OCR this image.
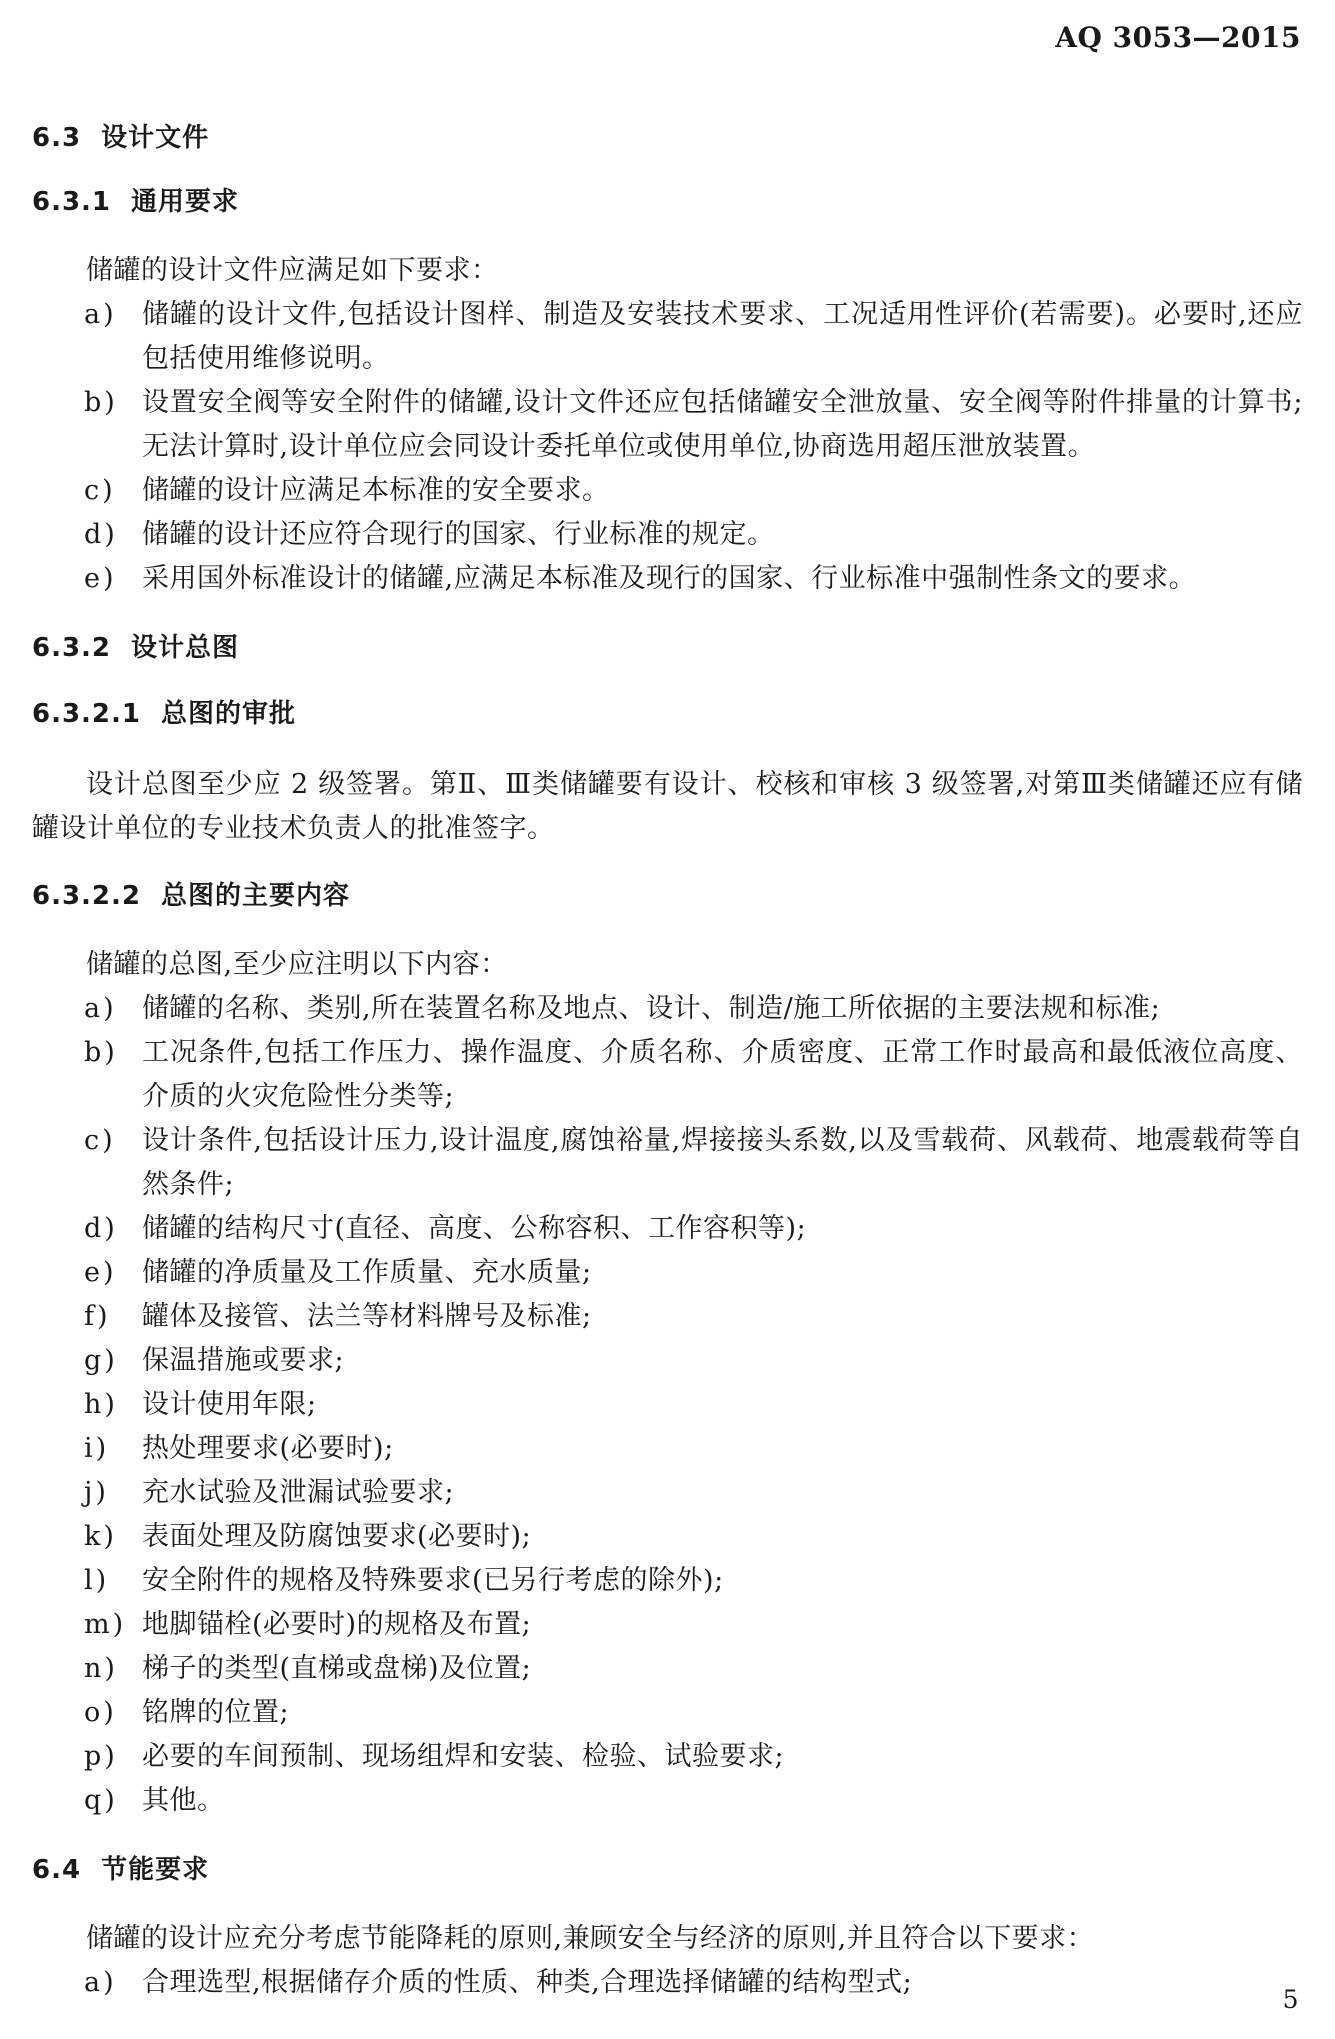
AQ 3053—2015
6.3 设计文件
6.3.1 通用要求

储罐的设计文件应满足如下要求：

a) 储罐的设计文件,包括设计图样、制造及安装技术要求、工况适用性评价(若需要)。必要时,还应包括使用维修说明。
b) 设置安全阀等安全附件的储罐,设计文件还应包括储罐安全泄放量、安全阀等附件排量的计算书;无法计算时,设计单位应会同设计委托单位或使用单位,协商选用超压泄放装置。
c) 储罐的设计应满足本标准的安全要求。
d) 储罐的设计还应符合现行的国家、行业标准的规定。
e) 采用国外标准设计的储罐,应满足本标准及现行的国家、行业标准中强制性条文的要求。
6.3.2 设计总图
6.3.2.1 总图的审批

设计总图至少应 2 级签署。第Ⅱ、Ⅲ类储罐要有设计、校核和审核 3 级签署,对第Ⅲ类储罐还应有储罐设计单位的专业技术负责人的批准签字。

6.3.2.2 总图的主要内容

储罐的总图,至少应注明以下内容：

a) 储罐的名称、类别,所在装置名称及地点、设计、制造/施工所依据的主要法规和标准;
b) 工况条件,包括工作压力、操作温度、介质名称、介质密度、正常工作时最高和最低液位高度、介质的火灾危险性分类等;
c) 设计条件,包括设计压力,设计温度,腐蚀裕量,焊接接头系数,以及雪载荷、风载荷、地震载荷等自然条件;
d) 储罐的结构尺寸(直径、高度、公称容积、工作容积等);
e) 储罐的净质量及工作质量、充水质量;
f)	罐体及接管、法兰等材料牌号及标准;
g) 保温措施或要求;
h) 设计使用年限;
i)	热处理要求(必要时);
j)	充水试验及泄漏试验要求;
k) 表面处理及防腐蚀要求(必要时);
l)	安全附件的规格及特殊要求(已另行考虑的除外);
m) 地脚锚栓(必要时)的规格及布置;
n) 梯子的类型(直梯或盘梯)及位置;
o) 铭牌的位置;
p) 必要的车间预制、现场组焊和安装、检验、试验要求;
q) 其他。
6.4 节能要求

储罐的设计应充分考虑节能降耗的原则,兼顾安全与经济的原则,并且符合以下要求：

a) 合理选型,根据储存介质的性质、种类,合理选择储罐的结构型式;
5
